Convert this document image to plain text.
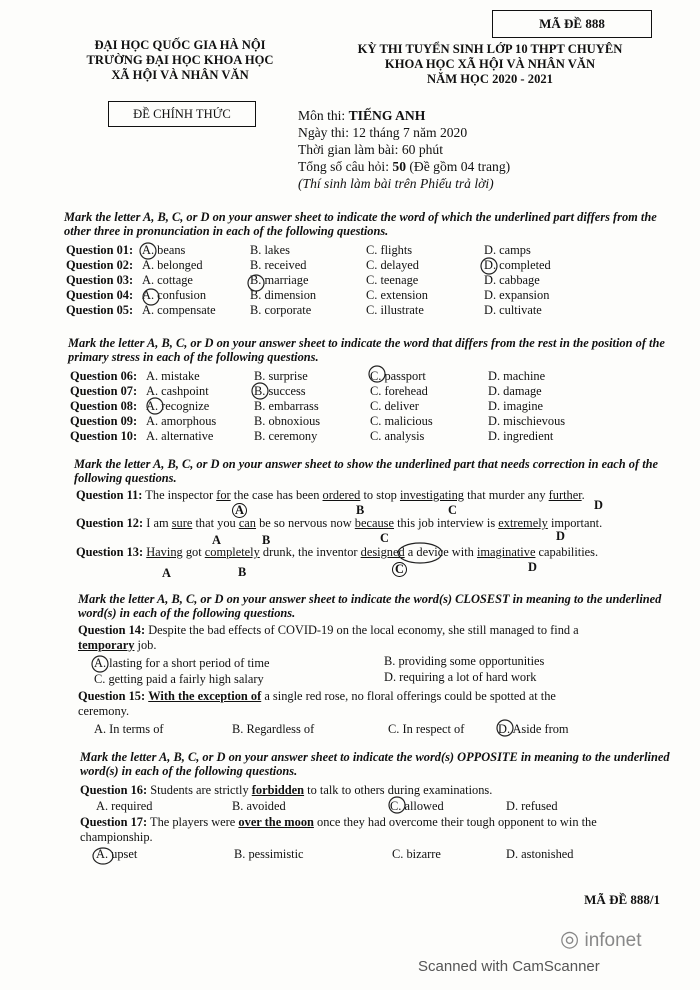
MÃ ĐỀ 888
ĐẠI HỌC QUỐC GIA HÀ NỘI
TRƯỜNG ĐẠI HỌC KHOA HỌC
XÃ HỘI VÀ NHÂN VĂN
KỲ THI TUYỂN SINH LỚP 10 THPT CHUYÊN
KHOA HỌC XÃ HỘI VÀ NHÂN VĂN
NĂM HỌC 2020 - 2021
ĐỀ CHÍNH THỨC	Môn thi: TIẾNG ANH
Ngày thi: 12 tháng 7 năm 2020
Thời gian làm bài: 60 phút
Tổng số câu hỏi: 50 (Đề gồm 04 trang)
(Thí sinh làm bài trên Phiếu trả lời)
Mark the letter A, B, C, or D on your answer sheet to indicate the word of which the underlined part differs from the other three in pronunciation in each of the following questions.
Question 01: A. beans	B. lakes	C. flights	D. camps
Question 02: A. belonged	B. received	C. delayed	D. completed
Question 03: A. cottage	B. marriage	C. teenage	D. cabbage
Question 04: A. confusion	B. dimension	C. extension	D. expansion
Question 05: A. compensate	B. corporate	C. illustrate	D. cultivate
Mark the letter A, B, C, or D on your answer sheet to indicate the word that differs from the rest in the position of the primary stress in each of the following questions.
Question 06: A. mistake	B. surprise	C. passport	D. machine
Question 07: A. cashpoint	B. success	C. forehead	D. damage
Question 08: A. recognize	B. embarrass	C. deliver	D. imagine
Question 09: A. amorphous	B. obnoxious	C. malicious	D. mischievous
Question 10: A. alternative	B. ceremony	C. analysis	D. ingredient
Mark the letter A, B, C, or D on your answer sheet to show the underlined part that needs correction in each of the following questions.
Question 11: The inspector for the case has been ordered to stop investigating that murder any further.
A	B	C	D
Question 12: I am sure that you can be so nervous now because this job interview is extremely important.
A	B	C	D
Question 13: Having got completely drunk, the inventor designed a device with imaginative capabilities.
A	B	C	D
Mark the letter A, B, C, or D on your answer sheet to indicate the word(s) CLOSEST in meaning to the underlined word(s) in each of the following questions.
Question 14: Despite the bad effects of COVID-19 on the local economy, she still managed to find a
temporary job.
A. lasting for a short period of time	B. providing some opportunities
C. getting paid a fairly high salary	D. requiring a lot of hard work
Question 15: With the exception of a single red rose, no floral offerings could be spotted at the
ceremony.
A. In terms of	B. Regardless of	C. In respect of	D. Aside from
Mark the letter A, B, C, or D on your answer sheet to indicate the word(s) OPPOSITE in meaning to the underlined word(s) in each of the following questions.
Question 16: Students are strictly forbidden to talk to others during examinations.
A. required	B. avoided	C. allowed	D. refused
Question 17: The players were over the moon once they had overcome their tough opponent to win the
championship.
A. upset	B. pessimistic	C. bizarre	D. astonished
MÃ ĐỀ 888/1
◎ infonet
Scanned with CamScanner
